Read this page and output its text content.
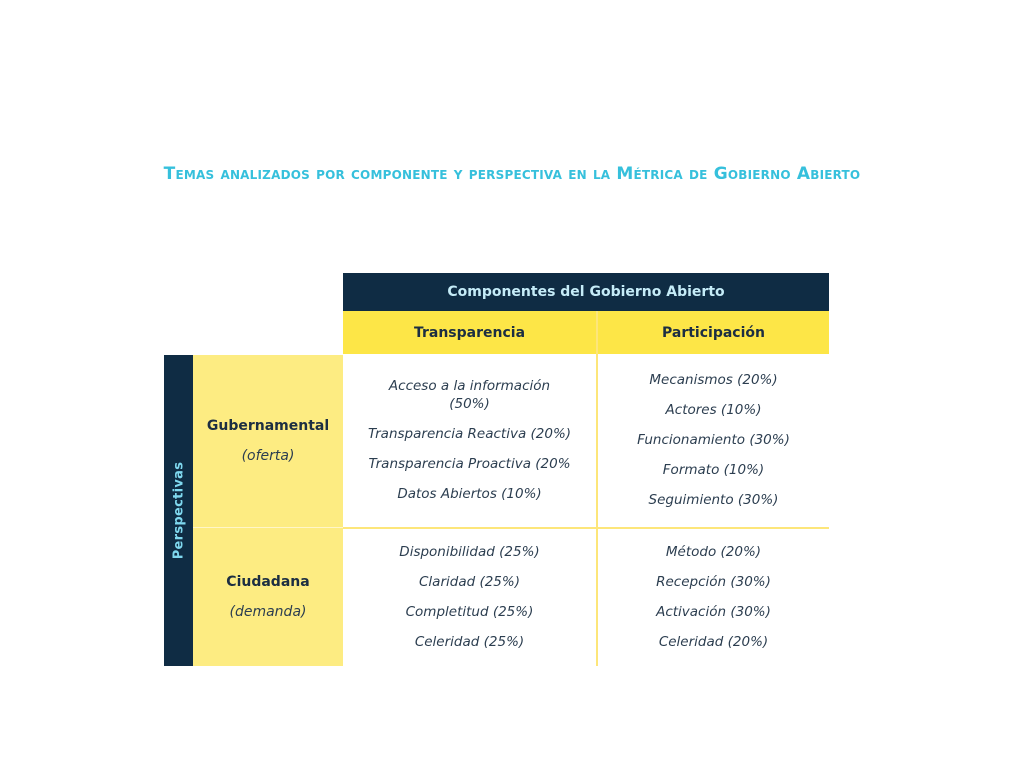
Temas analizados por componente y perspectiva en la Métrica de Gobierno Abierto
Componentes del Gobierno Abierto
Transparencia	Participación
Perspectivas
Gubernamental
(oferta)
Ciudadana
(demanda)
Acceso a la información (50%)
Transparencia Reactiva (20%)
Transparencia Proactiva (20%
Datos Abiertos (10%)
Mecanismos (20%)
Actores (10%)
Funcionamiento (30%)
Formato (10%)
Seguimiento (30%)
Disponibilidad (25%)
Claridad (25%)
Completitud (25%)
Celeridad (25%)
Método (20%)
Recepción (30%)
Activación (30%)
Celeridad (20%)
